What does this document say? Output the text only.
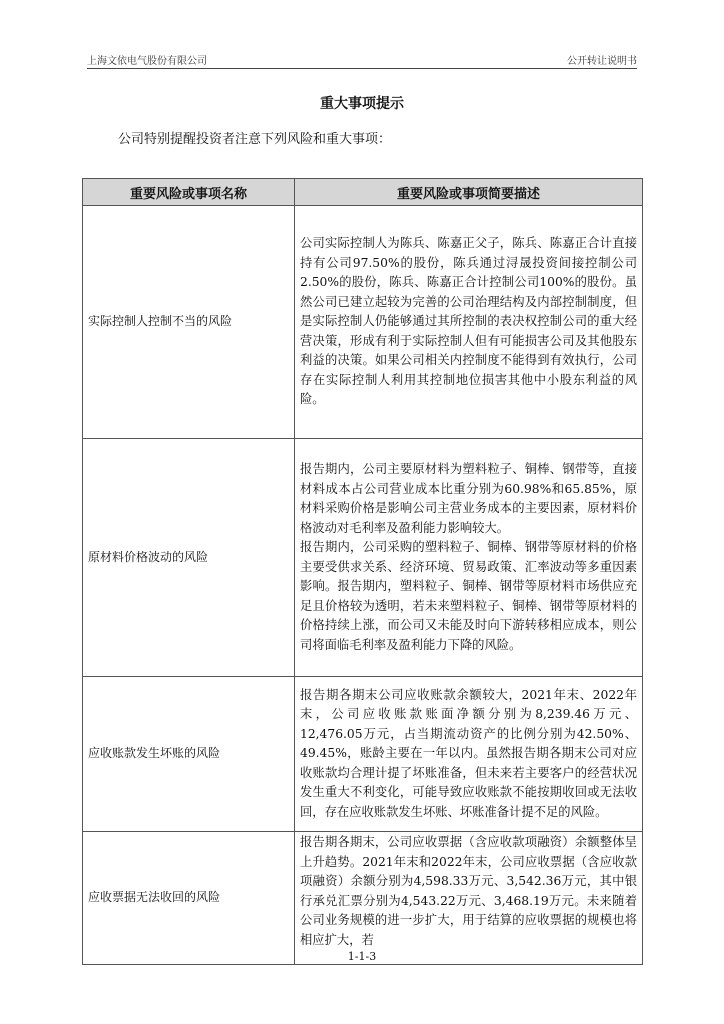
上海文依电气股份有限公司	公开转让说明书
重大事项提示
公司特别提醒投资者注意下列风险和重大事项：
重要风险或事项名称	重要风险或事项简要描述
实际控制人控制不当的风险	公司实际控制人为陈兵、陈嘉正父子，陈兵、陈嘉正合计直接持有公司97.50%的股份，陈兵通过浔晟投资间接控制公司2.50%的股份，陈兵、陈嘉正合计控制公司100%的股份。虽然公司已建立起较为完善的公司治理结构及内部控制制度，但是实际控制人仍能够通过其所控制的表决权控制公司的重大经营决策，形成有利于实际控制人但有可能损害公司及其他股东利益的决策。如果公司相关内控制度不能得到有效执行，公司存在实际控制人利用其控制地位损害其他中小股东利益的风险。

原材料价格波动的风险	报告期内，公司主要原材料为塑料粒子、铜棒、钢带等，直接材料成本占公司营业成本比重分别为60.98%和65.85%，原材料采购价格是影响公司主营业务成本的主要因素，原材料价格波动对毛利率及盈利能力影响较大。

报告期内，公司采购的塑料粒子、铜棒、钢带等原材料的价格主要受供求关系、经济环境、贸易政策、汇率波动等多重因素影响。报告期内，塑料粒子、铜棒、钢带等原材料市场供应充足且价格较为透明，若未来塑料粒子、铜棒、钢带等原材料的价格持续上涨，而公司又未能及时向下游转移相应成本，则公司将面临毛利率及盈利能力下降的风险。

应收账款发生坏账的风险	报告期各期末公司应收账款余额较大，2021年末、2022年末，公司应收账款账面净额分别为8,239.46万元、12,476.05万元，占当期流动资产的比例分别为42.50%、49.45%，账龄主要在一年以内。虽然报告期各期末公司对应收账款均合理计提了坏账准备，但未来若主要客户的经营状况发生重大不利变化，可能导致应收账款不能按期收回或无法收回，存在应收账款发生坏账、坏账准备计提不足的风险。

应收票据无法收回的风险	报告期各期末，公司应收票据（含应收款项融资）余额整体呈上升趋势。2021年末和2022年末，公司应收票据（含应收款项融资）余额分别为4,598.33万元、3,542.36万元，其中银行承兑汇票分别为4,543.22万元、3,468.19万元。未来随着公司业务规模的进一步扩大，用于结算的应收票据的规模也将相应扩大，若

1-1-3
